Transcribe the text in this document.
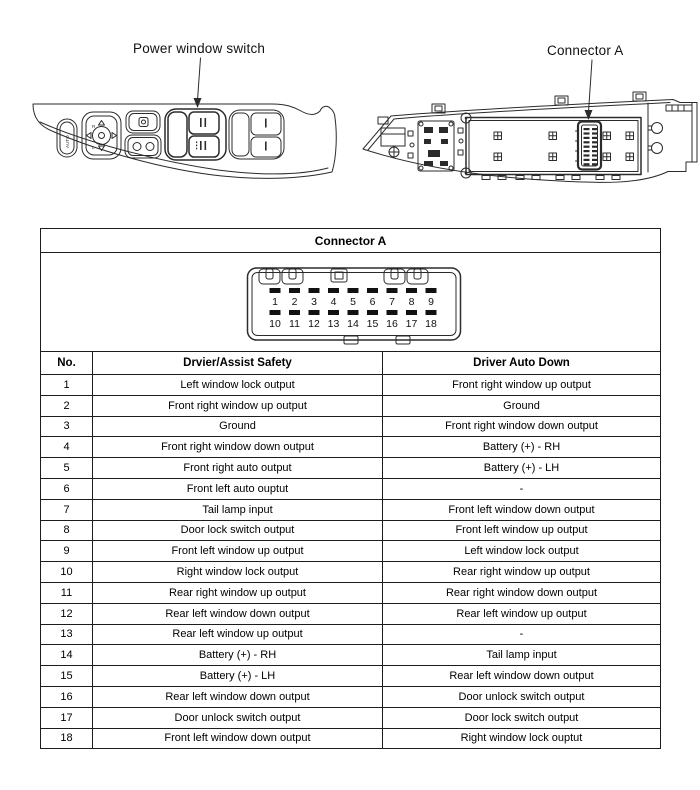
Power window switch	Connector A
AUTO
R
L
Connector A		

1 2 3 4 5 6 7 8 9
10 11 12 13 14 15 16 17 18

No.	Drvier/Assist Safety	Driver Auto Down
1	Left window lock output	Front right window up output
2	Front right window up output	Ground
3	Ground	Front right window down output
4	Front right window down output	Battery (+) - RH
5	Front right auto output	Battery (+) - LH
6	Front left auto ouptut	-
7	Tail lamp input	Front left window down output
8	Door lock switch output	Front left window up output
9	Front left window up output	Left window lock output
10	Right window lock output	Rear right window up output
11	Rear right window up output	Rear right window down output
12	Rear left window down output	Rear left window up output
13	Rear left window up output	-
14	Battery (+) - RH	Tail lamp input
15	Battery (+) - LH	Rear left window down output
16	Rear left window down output	Door unlock switch output
17	Door unlock switch output	Door lock switch output
18	Front left window down output	Right window lock ouptut
